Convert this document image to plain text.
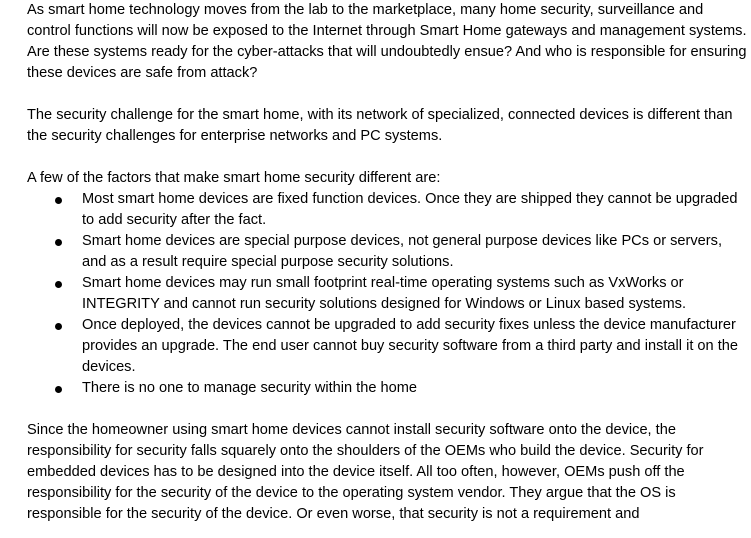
As smart home technology moves from the lab to the marketplace, many home security, surveillance and control functions will now be exposed to the Internet through Smart Home gateways and management systems. Are these systems ready for the cyber-attacks that will undoubtedly ensue? And who is responsible for ensuring these devices are safe from attack?

The security challenge for the smart home, with its network of specialized, connected devices is different than the security challenges for enterprise networks and PC systems.

A few of the factors that make smart home security different are:

Most smart home devices are fixed function devices. Once they are shipped they cannot be upgraded to add security after the fact.
Smart home devices are special purpose devices, not general purpose devices like PCs or servers, and as a result require special purpose security solutions.
Smart home devices may run small footprint real-time operating systems such as VxWorks or INTEGRITY and cannot run security solutions designed for Windows or Linux based systems.
Once deployed, the devices cannot be upgraded to add security fixes unless the device manufacturer provides an upgrade. The end user cannot buy security software from a third party and install it on the devices.
There is no one to manage security within the home

Since the homeowner using smart home devices cannot install security software onto the device, the responsibility for security falls squarely onto the shoulders of the OEMs who build the device. Security for embedded devices has to be designed into the device itself. All too often, however, OEMs push off the responsibility for the security of the device to the operating system vendor. They argue that the OS is responsible for the security of the device. Or even worse, that security is not a requirement and
